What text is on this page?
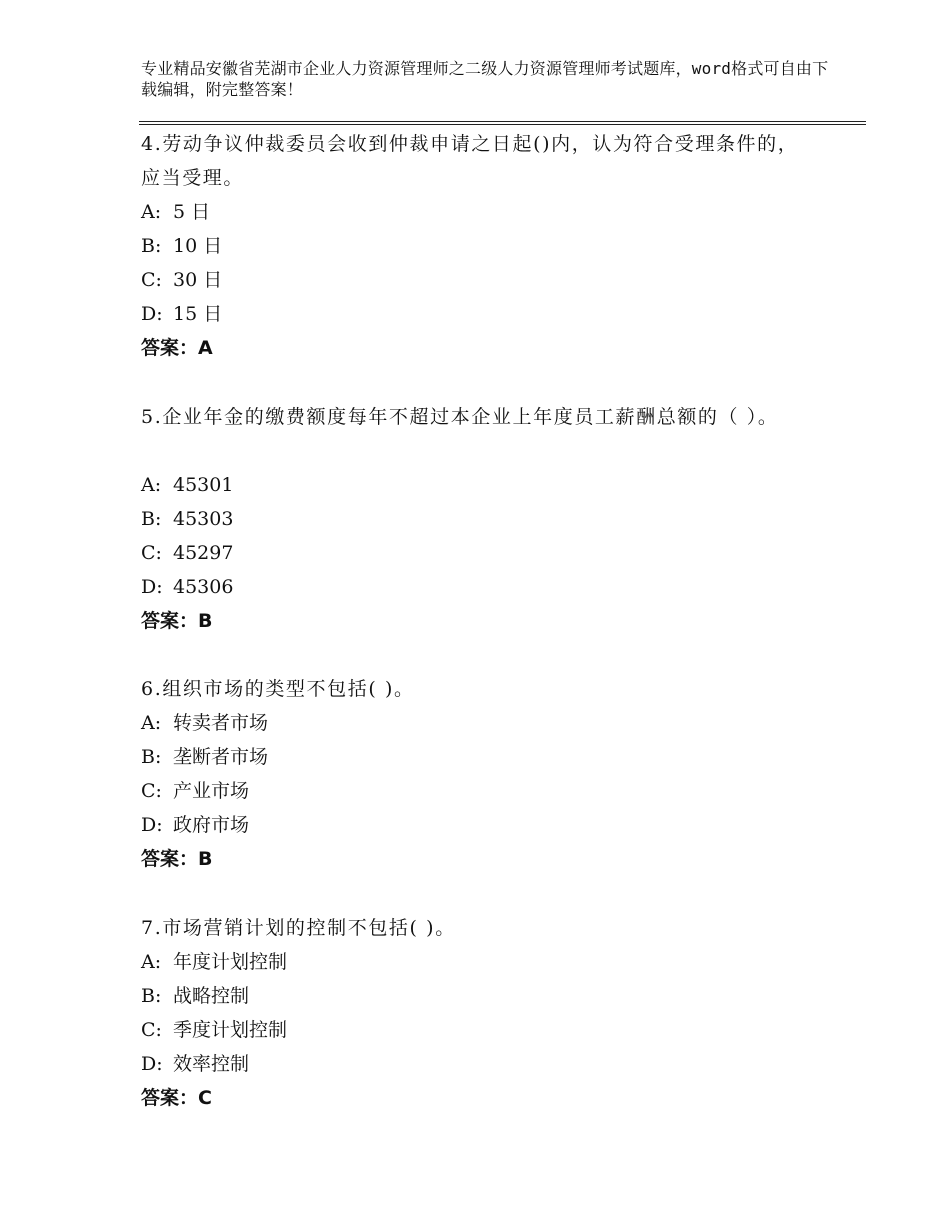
专业精品安徽省芜湖市企业人力资源管理师之二级人力资源管理师考试题库，word格式可自由下载编辑，附完整答案！
4.劳动争议仲裁委员会收到仲裁申请之日起()内，认为符合受理条件的，应当受理。
A: 5 日
B: 10 日
C: 30 日
D: 15 日
答案：A
5.企业年金的缴费额度每年不超过本企业上年度员工薪酬总额的（ ）。
A: 45301
B: 45303
C: 45297
D: 45306
答案：B
6.组织市场的类型不包括( )。
A: 转卖者市场
B: 垄断者市场
C: 产业市场
D: 政府市场
答案：B
7.市场营销计划的控制不包括( )。
A: 年度计划控制
B: 战略控制
C: 季度计划控制
D: 效率控制
答案：C
